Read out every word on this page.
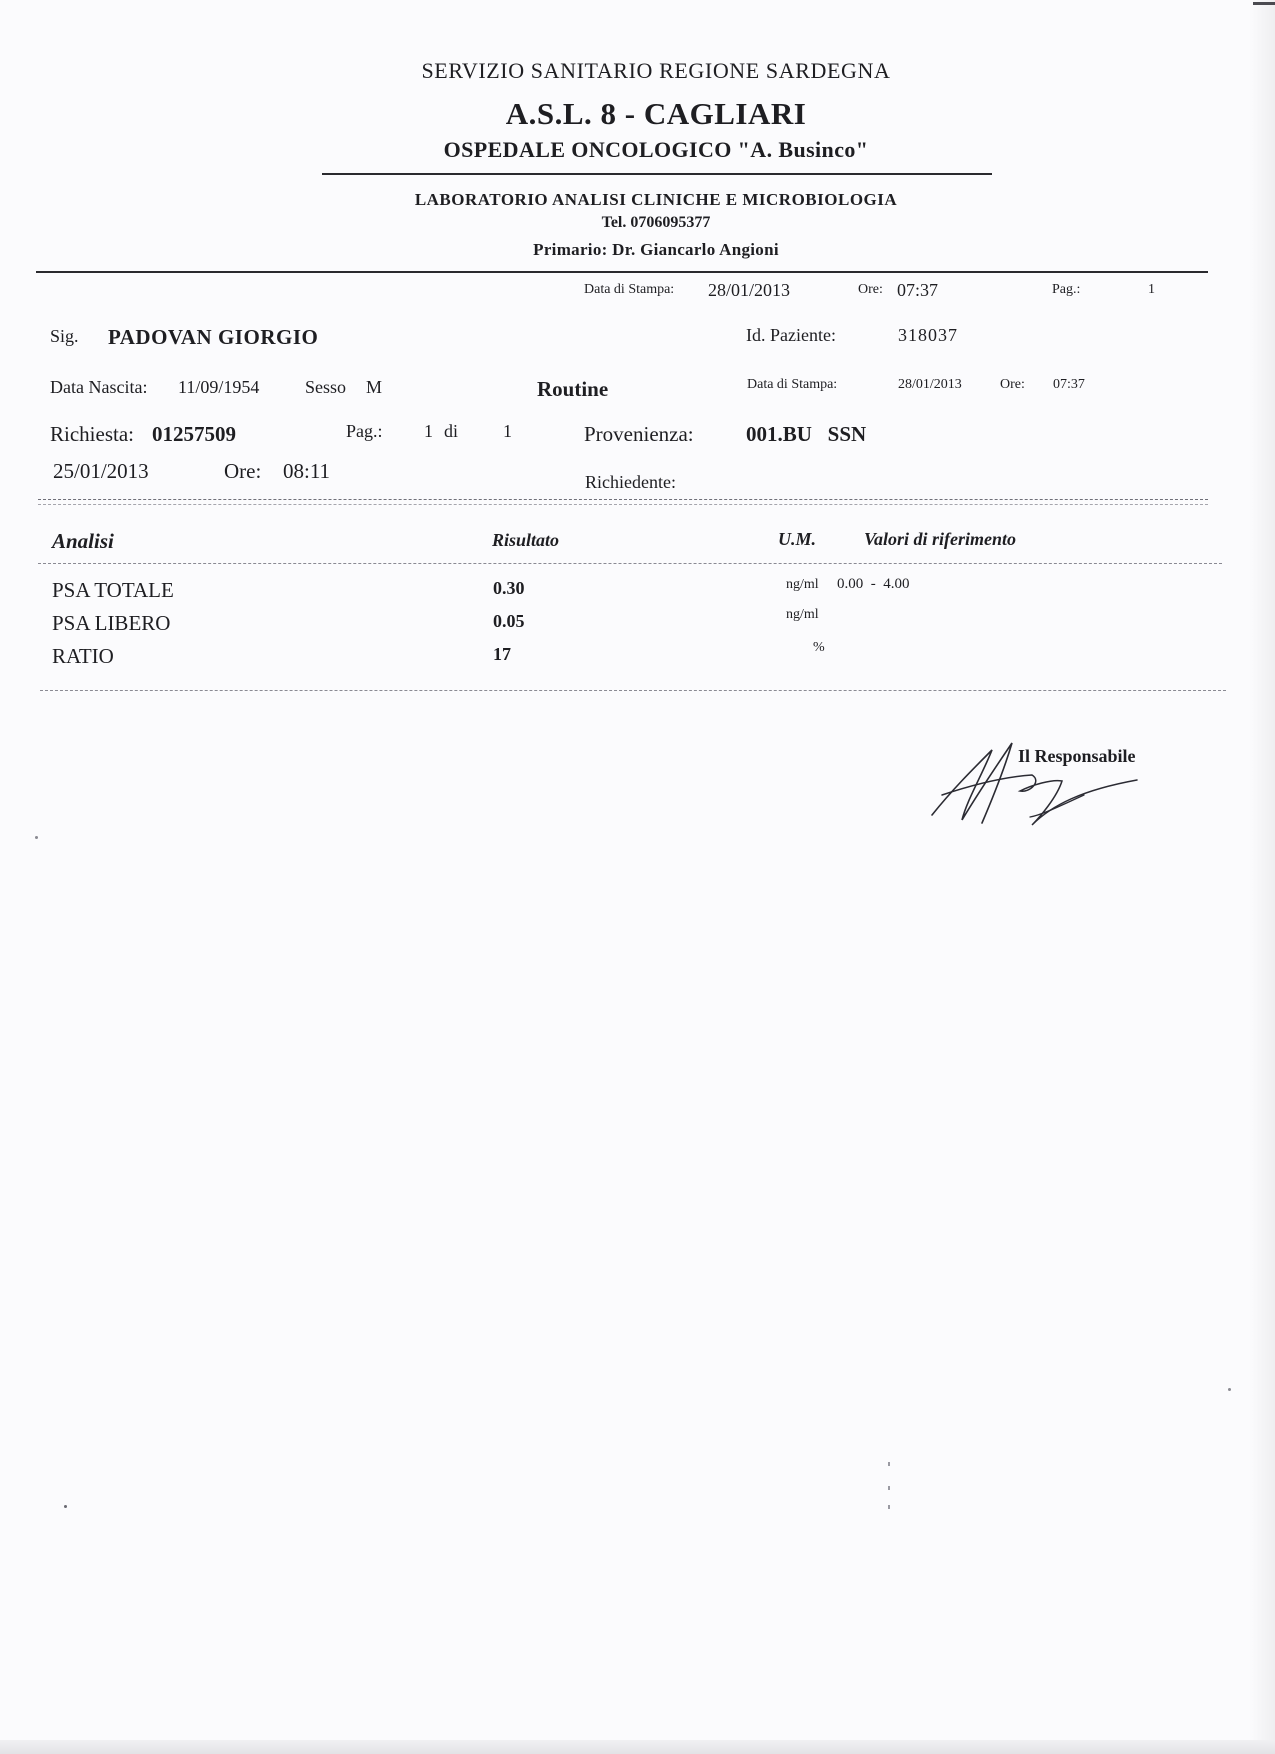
SERVIZIO SANITARIO REGIONE SARDEGNA
A.S.L. 8 - CAGLIARI
OSPEDALE ONCOLOGICO "A. Businco"
LABORATORIO ANALISI CLINICHE E MICROBIOLOGIA
Tel. 0706095377
Primario: Dr. Giancarlo Angioni
Data di Stampa: 28/01/2013	Ore: 07:37	Pag.:	1
Sig. PADOVAN GIORGIO	Id. Paziente:	318037
Data Nascita: 11/09/1954	Sesso M	Routine	Data di Stampa:	28/01/2013	Ore: 07:37
Richiesta: 01257509	Pag.: 1 di 1	Provenienza: 001.BU   SSN
25/01/2013	Ore: 08:11	Richiedente:
Analisi	Risultato	U.M.	Valori di riferimento
PSA TOTALE	0.30	ng/ml 0.00  -  4.00
PSA LIBERO	0.05	ng/ml
RATIO	17	%
Il Responsabile
